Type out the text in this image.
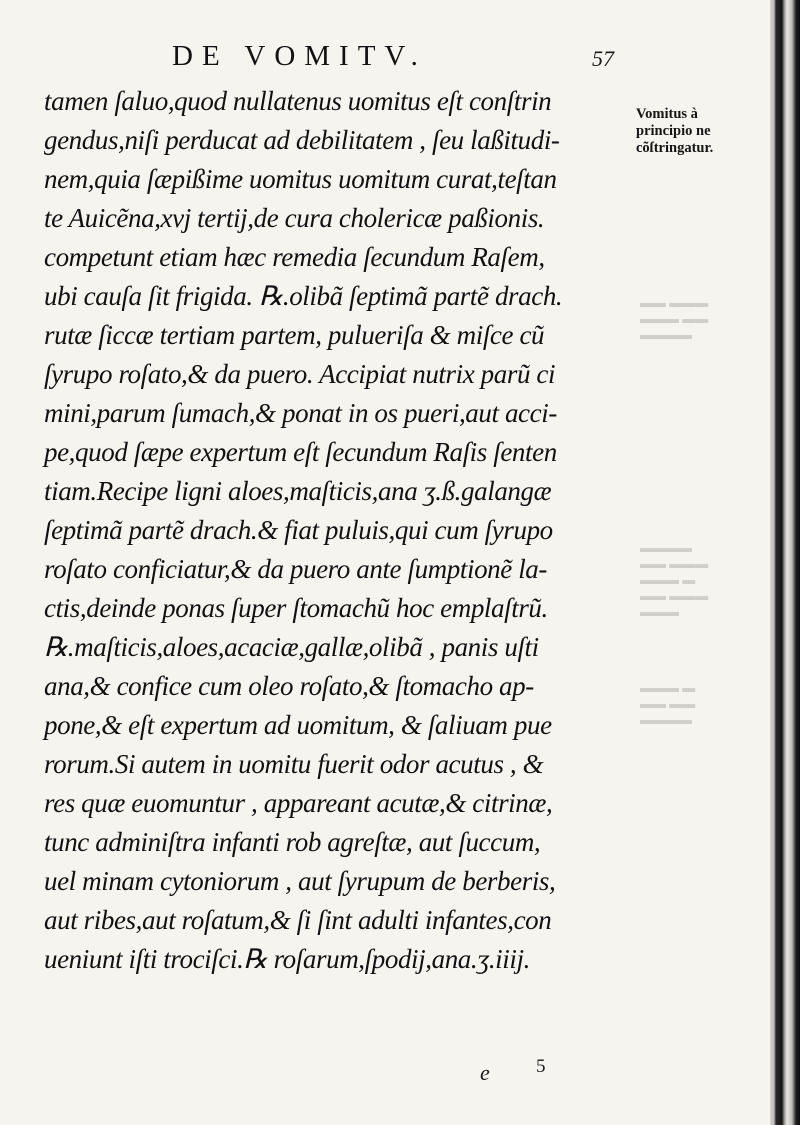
▬▬ ▬▬▬
▬▬▬ ▬▬
▬▬▬▬
▬▬▬▬
▬▬ ▬▬▬
▬▬▬ ▬
▬▬ ▬▬▬
▬▬▬
▬▬▬ ▬
▬▬ ▬▬
▬▬▬▬
DE VOMITV.	57
tamen ſaluo,quod nullatenus uomitus eſt conſtrin
gendus,niſi perducat ad debilitatem , ſeu laßitudi-
nem,quia ſæpißime uomitus uomitum curat,teſtan
te Auicẽna,xvj tertij,de cura cholericæ paßionis.
competunt etiam hæc remedia ſecundum Raſem,
ubi cauſa ſit frigida. ℞.olibã ſeptimã partẽ drach.
rutæ ſiccæ tertiam partem, pulueriſa & miſce cũ
ſyrupo roſato,& da puero. Accipiat nutrix parũ ci
mini,parum ſumach,& ponat in os pueri,aut acci-
pe,quod ſæpe expertum eſt ſecundum Raſis ſenten
tiam.Recipe ligni aloes,maſticis,ana ʒ.ß.galangæ
ſeptimã partẽ drach.& fiat puluis,qui cum ſyrupo
roſato conficiatur,& da puero ante ſumptionẽ la-
ctis,deinde ponas ſuper ſtomachũ hoc emplaſtrũ.
℞.maſticis,aloes,acaciæ,gallæ,olibã , panis uſti
ana,& confice cum oleo roſato,& ſtomacho ap-
pone,& eſt expertum ad uomitum, & ſaliuam pue
rorum.Si autem in uomitu fuerit odor acutus , &
res quæ euomuntur , appareant acutæ,& citrinæ,
tunc adminiſtra infanti rob agreſtæ, aut ſuccum,
uel minam cytoniorum , aut ſyrupum de berberis,
aut ribes,aut roſatum,& ſi ſint adulti infantes,con
ueniunt iſti trociſci.℞ roſarum,ſpodij,ana.ʒ.iiij.
Vomitus à
principio ne
cõſtringatur.
e 5
